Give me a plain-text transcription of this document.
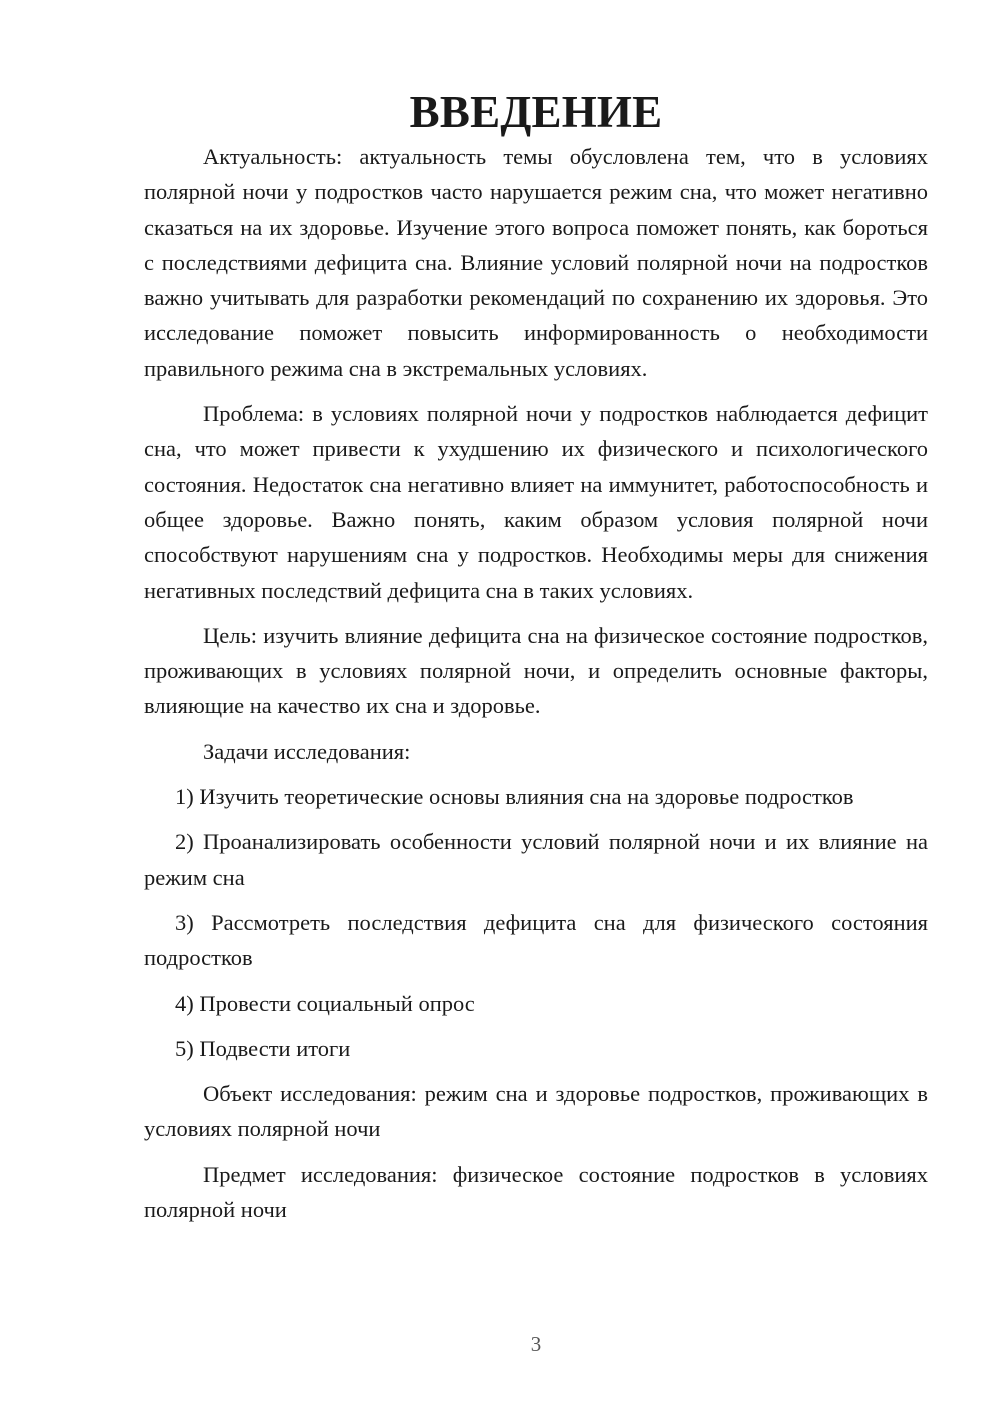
ВВЕДЕНИЕ

Актуальность: актуальность темы обусловлена тем, что в условиях полярной ночи у подростков часто нарушается режим сна, что может негативно сказаться на их здоровье. Изучение этого вопроса поможет понять, как бороться с последствиями дефицита сна. Влияние условий полярной ночи на подростков важно учитывать для разработки рекомендаций по сохранению их здоровья. Это исследование поможет повысить информированность о необходимости правильного режима сна в экстремальных условиях.

Проблема: в условиях полярной ночи у подростков наблюдается дефицит сна, что может привести к ухудшению их физического и психологического состояния. Недостаток сна негативно влияет на иммунитет, работоспособность и общее здоровье. Важно понять, каким образом условия полярной ночи способствуют нарушениям сна у подростков. Необходимы меры для снижения негативных последствий дефицита сна в таких условиях.

Цель: изучить влияние дефицита сна на физическое состояние подростков, проживающих в условиях полярной ночи, и определить основные факторы, влияющие на качество их сна и здоровье.

Задачи исследования:

1) Изучить теоретические основы влияния сна на здоровье подростков

2) Проанализировать особенности условий полярной ночи и их влияние на режим сна

3) Рассмотреть последствия дефицита сна для физического состояния подростков

4) Провести социальный опрос

5) Подвести итоги

Объект исследования: режим сна и здоровье подростков, проживающих в условиях полярной ночи

Предмет исследования: физическое состояние подростков в условиях полярной ночи

3
